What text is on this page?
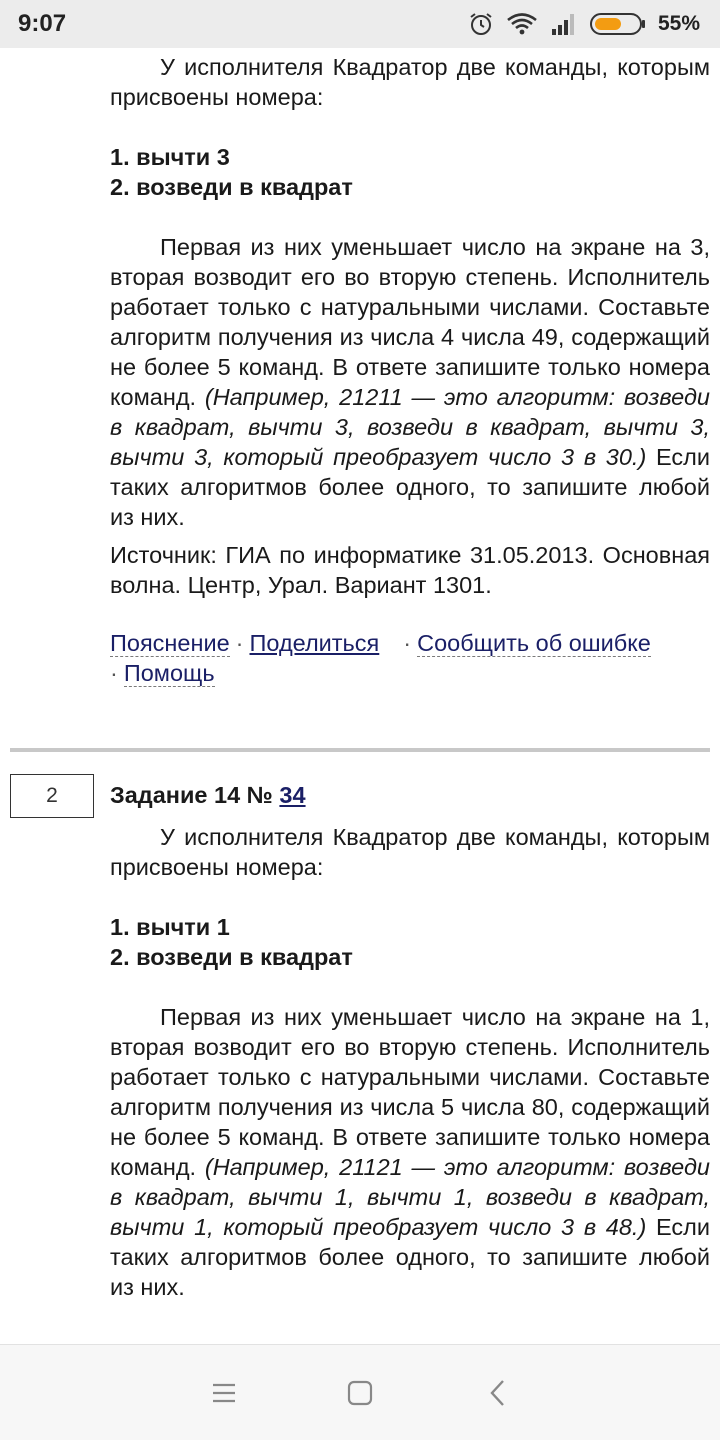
9:07	55%
У исполнителя Квадратор две команды, которым присвоены номера:
1. вычти 3
2. возведи в квадрат
Первая из них уменьшает число на экране на 3, вторая возводит его во вторую степень. Исполнитель работает только с натуральными числами. Составьте алгоритм получения из числа 4 числа 49, содержащий не более 5 команд. В ответе запишите только номера команд. (Например, 21211 — это алгоритм: возведи в квадрат, вычти 3, возведи в квадрат, вычти 3, вычти 3, который преобразует число 3 в 30.) Если таких алгоритмов более одного, то запишите любой из них.
Источник: ГИА по информатике 31.05.2013. Основная волна. Центр, Урал. Вариант 1301.
Пояснение · Поделиться · Сообщить об ошибке
· Помощь
2	Задание 14 № 34
У исполнителя Квадратор две команды, которым присвоены номера:
1. вычти 1
2. возведи в квадрат
Первая из них уменьшает число на экране на 1, вторая возводит его во вторую степень. Исполнитель работает только с натуральными числами. Составьте алгоритм получения из числа 5 числа 80, содержащий не более 5 команд. В ответе запишите только номера команд. (Например, 21121 — это алгоритм: возведи в квадрат, вычти 1, вычти 1, возведи в квадрат, вычти 1, который преобразует число 3 в 48.) Если таких алгоритмов более одного, то запишите любой из них.
